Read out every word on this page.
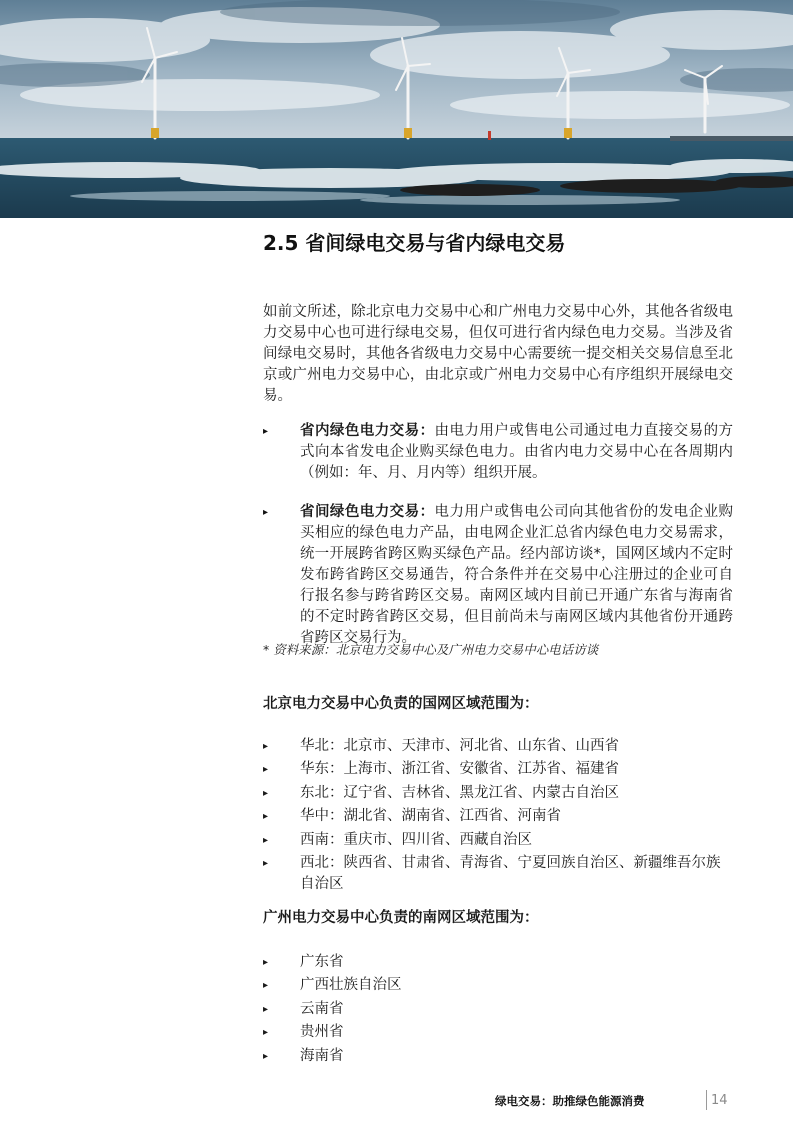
2.5 省间绿电交易与省内绿电交易

如前文所述，除北京电力交易中心和广州电力交易中心外，其他各省级电力交易中心也可进行绿电交易，但仅可进行省内绿色电力交易。当涉及省间绿电交易时，其他各省级电力交易中心需要统一提交相关交易信息至北京或广州电力交易中心，由北京或广州电力交易中心有序组织开展绿电交易。

▸ 省内绿色电力交易：由电力用户或售电公司通过电力直接交易的方式向本省发电企业购买绿色电力。由省内电力交易中心在各周期内（例如：年、月、月内等）组织开展。
▸ 省间绿色电力交易：电力用户或售电公司向其他省份的发电企业购买相应的绿色电力产品，由电网企业汇总省内绿色电力交易需求，统一开展跨省跨区购买绿色产品。经内部访谈*，国网区域内不定时发布跨省跨区交易通告，符合条件并在交易中心注册过的企业可自行报名参与跨省跨区交易。南网区域内目前已开通广东省与海南省的不定时跨省跨区交易，但目前尚未与南网区域内其他省份开通跨省跨区交易行为。
* 资料来源：北京电力交易中心及广州电力交易中心电话访谈
北京电力交易中心负责的国网区域范围为：
▸ 华北：北京市、天津市、河北省、山东省、山西省
▸ 华东：上海市、浙江省、安徽省、江苏省、福建省
▸ 东北：辽宁省、吉林省、黑龙江省、内蒙古自治区
▸ 华中：湖北省、湖南省、江西省、河南省
▸ 西南：重庆市、四川省、西藏自治区
▸ 西北：陕西省、甘肃省、青海省、宁夏回族自治区、新疆维吾尔族自治区
广州电力交易中心负责的南网区域范围为：
▸ 广东省
▸ 广西壮族自治区
▸ 云南省
▸ 贵州省
▸ 海南省
绿电交易：助推绿色能源消费	14
